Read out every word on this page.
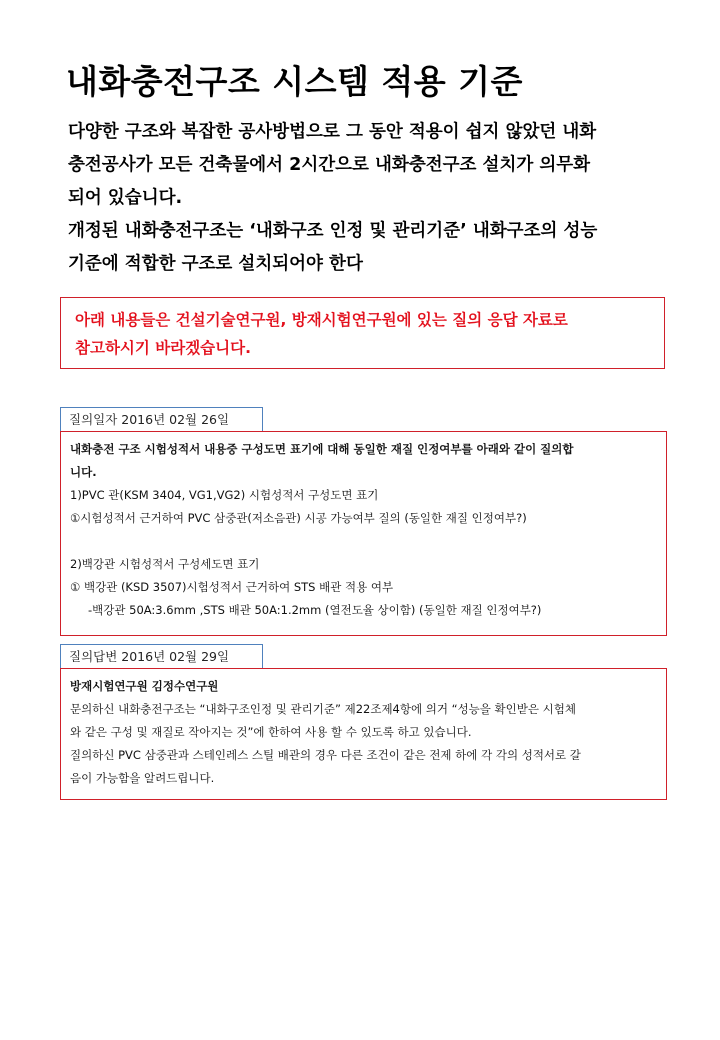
내화충전구조 시스템 적용 기준
다양한 구조와 복잡한 공사방법으로 그 동안 적용이 쉽지 않았던 내화
충전공사가 모든 건축물에서 2시간으로 내화충전구조 설치가 의무화
되어 있습니다.
개정된 내화충전구조는 ‘내화구조 인정 및 관리기준’ 내화구조의 성능
기준에 적합한 구조로 설치되어야 한다
아래 내용들은 건설기술연구원, 방재시험연구원에 있는 질의 응답 자료로
참고하시기 바라겠습니다.
질의일자 2016년 02월 26일
내화충전 구조 시험성적서 내용중 구성도면 표기에 대해 동일한 재질 인정여부를 아래와 같이 질의합
니다.
1)PVC 관(KSM 3404, VG1,VG2) 시험성적서 구성도면 표기
①시험성적서 근거하여 PVC 삼중관(저소음관) 시공 가능여부 질의 (동일한 재질 인정여부?)
2)백강관 시험성적서 구성세도면 표기
① 백강관 (KSD 3507)시험성적서 근거하여 STS 배관 적용 여부
-백강관 50A:3.6mm ,STS 배관 50A:1.2mm (열전도율 상이함) (동일한 재질 인정여부?)
질의답변 2016년 02월 29일
방재시험연구원 김정수연구원
문의하신 내화충전구조는 “내화구조인정 및 관리기준” 제22조제4항에 의거 “성능을 확인받은 시험체
와 같은 구성 및 재질로 작아지는 것”에 한하여 사용 할 수 있도록 하고 있습니다.
질의하신 PVC 삼중관과 스테인레스 스틸 배관의 경우 다른 조건이 같은 전제 하에 각 각의 성적서로 갈
음이 가능함을 알려드립니다.
